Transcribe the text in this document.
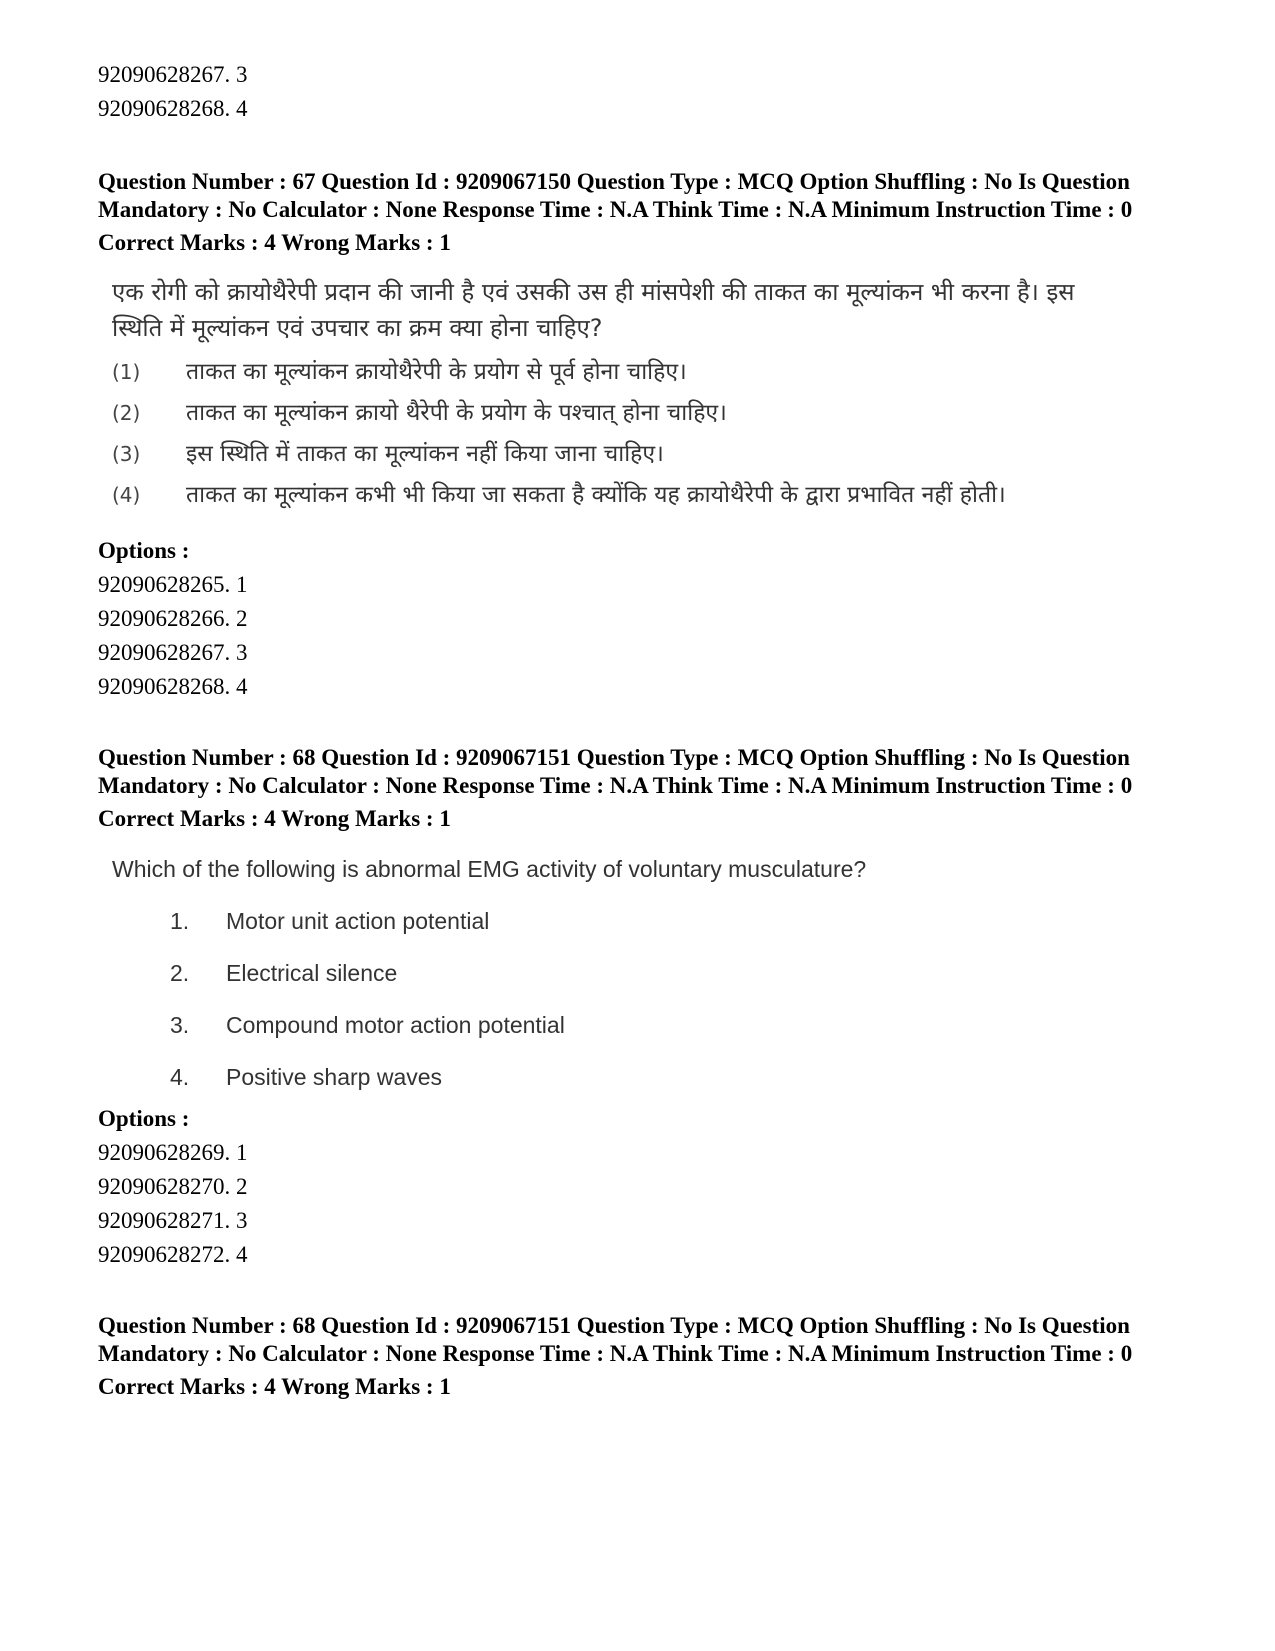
92090628267. 3
92090628268. 4
Question Number : 67 Question Id : 9209067150 Question Type : MCQ Option Shuffling : No Is Question Mandatory : No Calculator : None Response Time : N.A Think Time : N.A Minimum Instruction Time : 0
Correct Marks : 4 Wrong Marks : 1
एक रोगी को क्रायोथैरेपी प्रदान की जानी है एवं उसकी उस ही मांसपेशी की ताकत का मूल्यांकन भी करना है। इस स्थिति में मूल्यांकन एवं उपचार का क्रम क्या होना चाहिए?
(1)	ताकत का मूल्यांकन क्रायोथैरेपी के प्रयोग से पूर्व होना चाहिए।
(2)	ताकत का मूल्यांकन क्रायो थैरेपी के प्रयोग के पश्चात् होना चाहिए।
(3)	इस स्थिति में ताकत का मूल्यांकन नहीं किया जाना चाहिए।
(4)	ताकत का मूल्यांकन कभी भी किया जा सकता है क्योंकि यह क्रायोथैरेपी के द्वारा प्रभावित नहीं होती।
Options :
92090628265. 1
92090628266. 2
92090628267. 3
92090628268. 4
Question Number : 68 Question Id : 9209067151 Question Type : MCQ Option Shuffling : No Is Question Mandatory : No Calculator : None Response Time : N.A Think Time : N.A Minimum Instruction Time : 0
Correct Marks : 4 Wrong Marks : 1
Which of the following is abnormal EMG activity of voluntary musculature?
1.	Motor unit action potential
2.	Electrical silence
3.	Compound motor action potential
4.	Positive sharp waves
Options :
92090628269. 1
92090628270. 2
92090628271. 3
92090628272. 4
Question Number : 68 Question Id : 9209067151 Question Type : MCQ Option Shuffling : No Is Question Mandatory : No Calculator : None Response Time : N.A Think Time : N.A Minimum Instruction Time : 0
Correct Marks : 4 Wrong Marks : 1
